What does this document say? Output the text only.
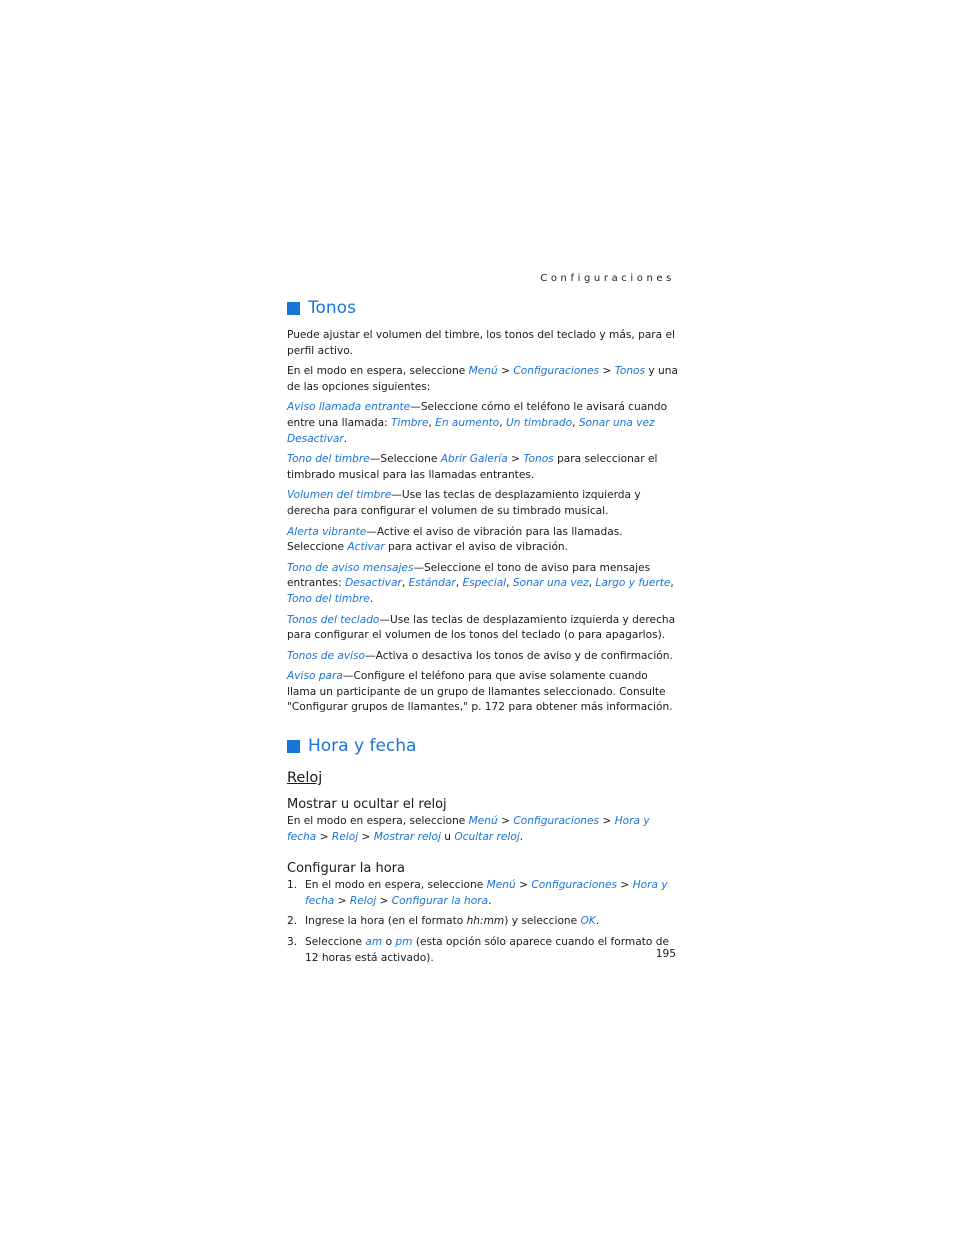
Configuraciones
Tonos

Puede ajustar el volumen del timbre, los tonos del teclado y más, para el perfil activo.

En el modo en espera, seleccione Menú > Configuraciones > Tonos y una de las opciones siguientes:

Aviso llamada entrante—Seleccione cómo el teléfono le avisará cuando entre una llamada: Timbre, En aumento, Un timbrado, Sonar una vez Desactivar.

Tono del timbre—Seleccione Abrir Galería > Tonos para seleccionar el timbrado musical para las llamadas entrantes.

Volumen del timbre—Use las teclas de desplazamiento izquierda y derecha para configurar el volumen de su timbrado musical.

Alerta vibrante—Active el aviso de vibración para las llamadas. Seleccione Activar para activar el aviso de vibración.

Tono de aviso mensajes—Seleccione el tono de aviso para mensajes entrantes: Desactivar, Estándar, Especial, Sonar una vez, Largo y fuerte, Tono del timbre.

Tonos del teclado—Use las teclas de desplazamiento izquierda y derecha para configurar el volumen de los tonos del teclado (o para apagarlos).

Tonos de aviso—Activa o desactiva los tonos de aviso y de confirmación.

Aviso para—Configure el teléfono para que avise solamente cuando llama un participante de un grupo de llamantes seleccionado. Consulte "Configurar grupos de llamantes," p. 172 para obtener más información.

Hora y fecha
Reloj
Mostrar u ocultar el reloj

En el modo en espera, seleccione Menú > Configuraciones > Hora y fecha > Reloj > Mostrar reloj u Ocultar reloj.

Configurar la hora
1. En el modo en espera, seleccione Menú > Configuraciones > Hora y fecha > Reloj > Configurar la hora.
2. Ingrese la hora (en el formato hh:mm) y seleccione OK.
3. Seleccione am o pm (esta opción sólo aparece cuando el formato de 12 horas está activado).	195
